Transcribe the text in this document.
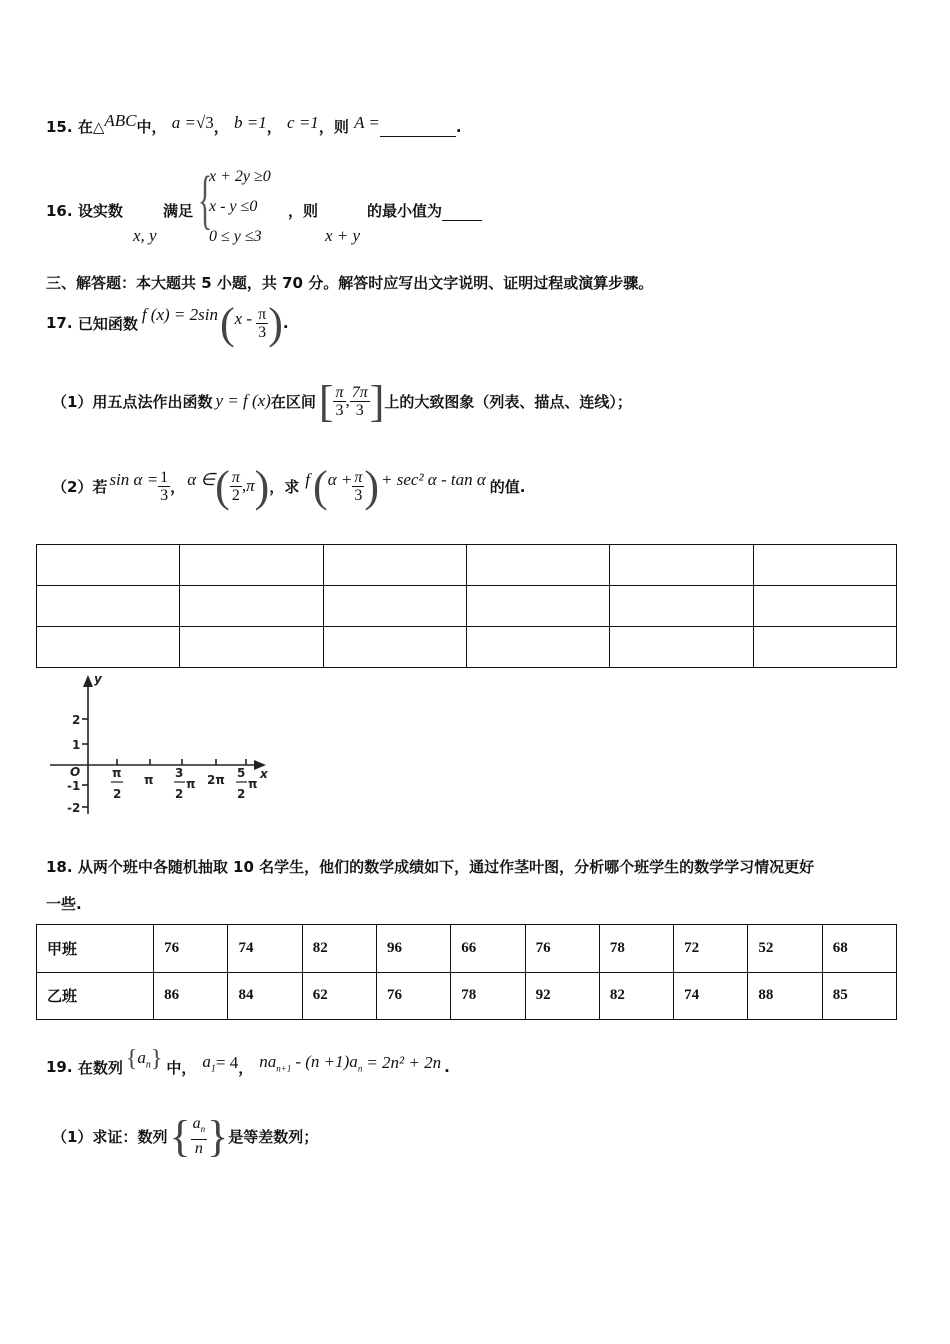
15. 在△ABC中， a =√3， b =1， c =1，则 A =	.
16. 设实数	满足
x, y {
x + 2y ≥0
x - y ≤0
0 ≤ y ≤3
，则
x + y
的最小值为
三、解答题：本大题共 5 小题，共 70 分。解答时应写出文字说明、证明过程或演算步骤。
17.
已知函数 f (x) = 2sin ( x - $\frac{\pi}{3}$ ) .
（1）用五点法作出函数 y = f (x) 在区间 [ $\frac{\pi}{3}$ , $\frac{7\pi}{3}$ ] 上的大致图象（列表、描点、连线）；
（2）若 $\sin \alpha = \frac{1}{3}$ ， α ∈ ( $\frac{\pi}{2} ,\pi$ ) ，求 f ( $\alpha + \frac{\pi}{3}$ ) + sec² α - tan α 的值.

y
x
2
1
O
-1
-2
π
2
π 3
2
π 2π 5
2
π
18. 从两个班中各随机抽取 10 名学生，他们的数学成绩如下，通过作茎叶图，分析哪个班学生的数学学习情况更好
一些.
甲班	76	74	82	96	66	76	78	72	52	68
乙班	86	84	62	76	78	92	82	74	88	85
19.
在数列 { $a_n$ } 中， $a_1 = 4$ ， $na_{n+1} - (n +1)a_n = 2n^2 + 2n$ .
（1）求证：数列 { $\frac{a_n}{n}$ } 是等差数列；
